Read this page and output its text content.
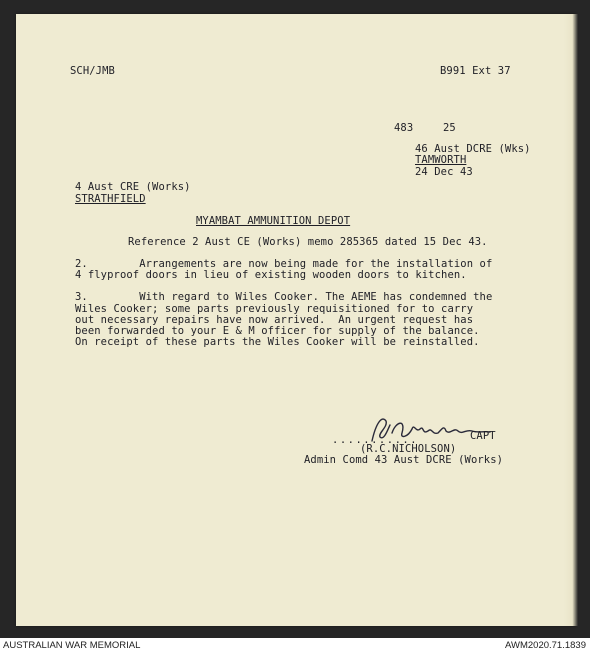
SCH/JMB	B991 Ext 37
483	25
46 Aust DCRE (Wks)
TAMWORTH
24 Dec 43
4 Aust CRE (Works)
STRATHFIELD
MYAMBAT AMMUNITION DEPOT
Reference 2 Aust CE (Works) memo 285365 dated 15 Dec 43.
2.        Arrangements are now being made for the installation of
4 flyproof doors in lieu of existing wooden doors to kitchen.
3.        With regard to Wiles Cooker. The AEME has condemned the
Wiles Cooker; some parts previously requisitioned for to carry
out necessary repairs have now arrived.  An urgent request has
been forwarded to your E & M officer for supply of the balance.
On receipt of these parts the Wiles Cooker will be reinstalled.
...........	CAPT
(R.C.NICHOLSON)
Admin Comd 43 Aust DCRE (Works)
AUSTRALIAN WAR MEMORIAL	AWM2020.71.1839
